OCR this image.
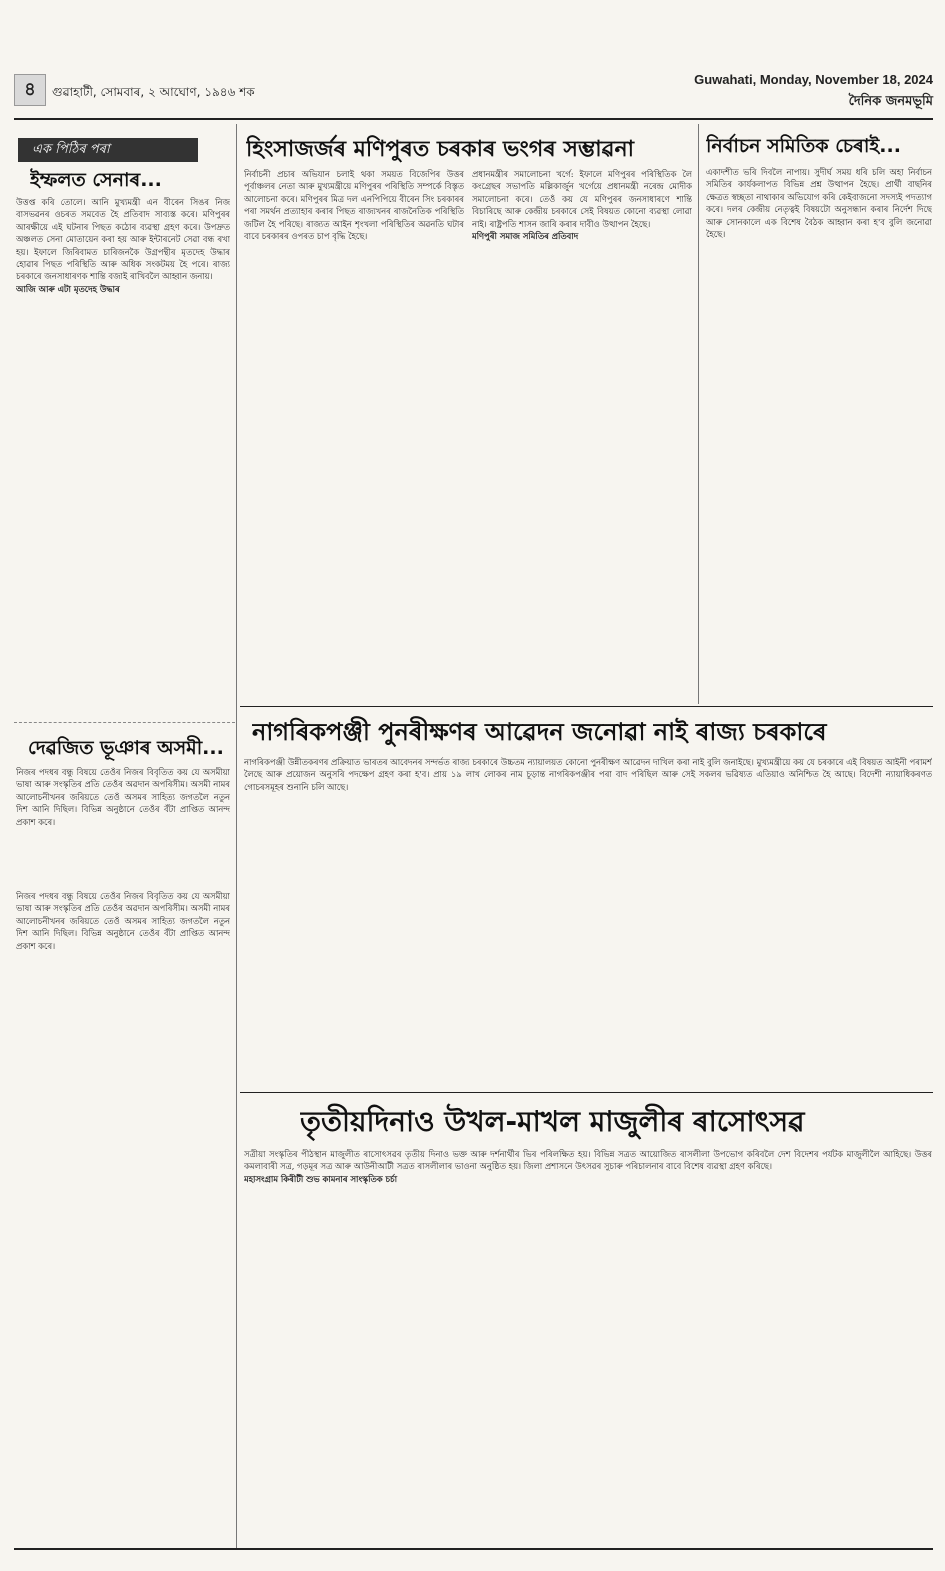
৪	গুৱাহাটী, সোমবাৰ, ২ আঘোণ, ১৯৪৬ শক
Guwahati, Monday, November 18, 2024
দৈনিক জনমভূমি
এক পিঠিৰ পৰা
ইম্ফলত সেনাৰ...
উত্তপ্ত কৰি তোলে। আনি মুখ্যমন্ত্ৰী এন বীৰেন সিঙৰ নিজ বাসভৱনৰ ওচৰত সমবেত হৈ প্ৰতিবাদ সাব্যস্ত কৰে। মণিপুৰৰ আৰক্ষীয়ে এই ঘটনাৰ পিছত কঠোৰ ব্যৱস্থা গ্ৰহণ কৰে। উপদ্ৰুত অঞ্চলত সেনা মোতায়েন কৰা হয় আৰু ইন্টাৰনেট সেৱা বন্ধ ৰখা হয়। ইফালে জিৰিবামত চাৰিজনকৈ উগ্ৰপন্থীৰ মৃতদেহ উদ্ধাৰ হোৱাৰ পিছত পৰিস্থিতি আৰু অধিক সংকটময় হৈ পৰে। ৰাজ্য চৰকাৰে জনসাধাৰণক শান্তি বজাই ৰাখিবলৈ আহ্বান জনায়।
আজি আৰু এটা মৃতদেহ উদ্ধাৰ
দেৱজিত ভূঞাৰ অসমী...
নিজৰ পদধৰ বন্ধু বিষয়ে তেওঁৰ নিজৰ বিবৃতিত কয় যে অসমীয়া ভাষা আৰু সংস্কৃতিৰ প্ৰতি তেওঁৰ অৱদান অপৰিসীম। অসমী নামৰ আলোচনীখনৰ জৰিয়তে তেওঁ অসমৰ সাহিত্য জগতলৈ নতুন দিশ আনি দিছিল। বিভিন্ন অনুষ্ঠানে তেওঁৰ বঁটা প্ৰাপ্তিত আনন্দ প্ৰকাশ কৰে।
হিংসাজৰ্জৰ মণিপুৰত চৰকাৰ ভংগৰ সম্ভাৱনা
নিৰ্বাচনী প্ৰচাৰ অভিযান চলাই থকা সময়ত বিজেপিৰ উত্তৰ পূৰ্বাঞ্চলৰ নেতা আৰু মুখ্যমন্ত্ৰীয়ে মণিপুৰৰ পৰিস্থিতি সম্পৰ্কে বিস্তৃত আলোচনা কৰে। মণিপুৰৰ মিত্ৰ দল এনপিপিয়ে বীৰেন সিং চৰকাৰৰ পৰা সমৰ্থন প্ৰত্যাহাৰ কৰাৰ পিছত ৰাজ্যখনৰ ৰাজনৈতিক পৰিস্থিতি জটিল হৈ পৰিছে। ৰাজ্যত আইন শৃংখলা পৰিস্থিতিৰ অৱনতি ঘটাৰ বাবে চৰকাৰৰ ওপৰত চাপ বৃদ্ধি হৈছে।
প্ৰধানমন্ত্ৰীৰ সমালোচনা খৰ্গে: ইফালে মণিপুৰৰ পৰিস্থিতিক লৈ কংগ্ৰেছৰ সভাপতি মল্লিকাৰ্জুন খৰ্গেয়ে প্ৰধানমন্ত্ৰী নৰেন্দ্ৰ মোদীক সমালোচনা কৰে। তেওঁ কয় যে মণিপুৰৰ জনসাধাৰণে শান্তি বিচাৰিছে আৰু কেন্দ্ৰীয় চৰকাৰে সেই বিষয়ত কোনো ব্যৱস্থা লোৱা নাই। ৰাষ্ট্ৰপতি শাসন জাৰি কৰাৰ দাবীও উত্থাপন হৈছে।
মণিপুৰী সমাজ সমিতিৰ প্ৰতিবাদ
নিৰ্বাচন সমিতিক চেৰাই...
একাদশীত ভৰি দিবলৈ নাপায়। সুদীৰ্ঘ সময় ধৰি চলি অহা নিৰ্বাচন সমিতিৰ কাৰ্যকলাপত বিভিন্ন প্ৰশ্ন উত্থাপন হৈছে। প্ৰাৰ্থী বাছনিৰ ক্ষেত্ৰত স্বচ্ছতা নাথাকাৰ অভিযোগ কৰি কেইবাজনো সদস্যই পদত্যাগ কৰে। দলৰ কেন্দ্ৰীয় নেতৃত্বই বিষয়টো অনুসন্ধান কৰাৰ নিৰ্দেশ দিছে আৰু সোনকালে এক বিশেষ বৈঠক আহ্বান কৰা হ'ব বুলি জনোৱা হৈছে।
নাগৰিকপঞ্জী পুনৰীক্ষণৰ আৱেদন জনোৱা নাই ৰাজ্য চৰকাৰে
নাগৰিকপঞ্জী উন্নীতকৰণৰ প্ৰক্ৰিয়াত ভাৰতৰ আবেদনৰ সন্দৰ্ভত ৰাজ্য চৰকাৰে উচ্চতম ন্যায়ালয়ত কোনো পুনৰীক্ষণ আৱেদন দাখিল কৰা নাই বুলি জনাইছে। মুখ্যমন্ত্ৰীয়ে কয় যে চৰকাৰে এই বিষয়ত আইনী পৰামৰ্শ লৈছে আৰু প্ৰয়োজন অনুসৰি পদক্ষেপ গ্ৰহণ কৰা হ'ব। প্ৰায় ১৯ লাখ লোকৰ নাম চূড়ান্ত নাগৰিকপঞ্জীৰ পৰা বাদ পৰিছিল আৰু সেই সকলৰ ভৱিষ্যত এতিয়াও অনিশ্চিত হৈ আছে। বিদেশী ন্যায়াধিকৰণত গোচৰসমূহৰ শুনানি চলি আছে।
নিজৰ পদধৰ বন্ধু বিষয়ে তেওঁৰ নিজৰ বিবৃতিত কয় যে অসমীয়া ভাষা আৰু সংস্কৃতিৰ প্ৰতি তেওঁৰ অৱদান অপৰিসীম। অসমী নামৰ আলোচনীখনৰ জৰিয়তে তেওঁ অসমৰ সাহিত্য জগতলৈ নতুন দিশ আনি দিছিল। বিভিন্ন অনুষ্ঠানে তেওঁৰ বঁটা প্ৰাপ্তিত আনন্দ প্ৰকাশ কৰে।
তৃতীয়দিনাও উখল-মাখল মাজুলীৰ ৰাসোৎসৱ
সত্ৰীয়া সংস্কৃতিৰ পীঠস্থান মাজুলীত ৰাসোৎসৱৰ তৃতীয় দিনাও ভক্ত আৰু দৰ্শনাৰ্থীৰ ভিৰ পৰিলক্ষিত হয়। বিভিন্ন সত্ৰত আয়োজিত ৰাসলীলা উপভোগ কৰিবলৈ দেশ বিদেশৰ পৰ্যটক মাজুলীলৈ আহিছে। উত্তৰ কমলাবাৰী সত্ৰ, গড়মূৰ সত্ৰ আৰু আউনীআটী সত্ৰত ৰাসলীলাৰ ভাওনা অনুষ্ঠিত হয়। জিলা প্ৰশাসনে উৎসৱৰ সুচাৰু পৰিচালনাৰ বাবে বিশেষ ব্যৱস্থা গ্ৰহণ কৰিছে।
মহাসংগ্ৰাম কিৰীটী শুভ কামনাৰ সাংস্কৃতিক চৰ্চা
